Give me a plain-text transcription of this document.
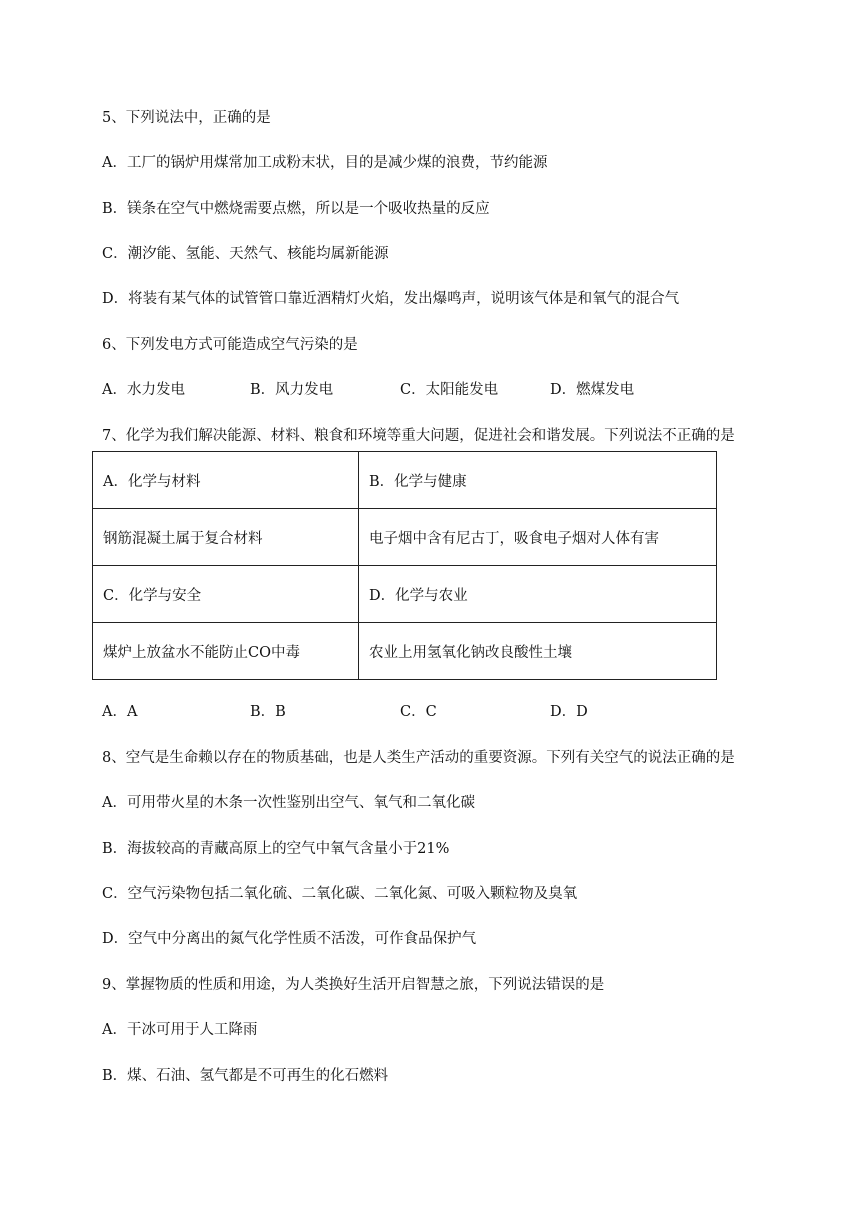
5、下列说法中，正确的是
A．工厂的锅炉用煤常加工成粉末状，目的是减少煤的浪费，节约能源
B．镁条在空气中燃烧需要点燃，所以是一个吸收热量的反应
C．潮汐能、氢能、天然气、核能均属新能源
D．将装有某气体的试管管口靠近酒精灯火焰，发出爆鸣声，说明该气体是和氧气的混合气
6、下列发电方式可能造成空气污染的是
A．水力发电	B．风力发电	C．太阳能发电	D．燃煤发电
7、化学为我们解决能源、材料、粮食和环境等重大问题，促进社会和谐发展。下列说法不正确的是
A．化学与材料	B．化学与健康
钢筋混凝土属于复合材料	电子烟中含有尼古丁，吸食电子烟对人体有害
C．化学与安全	D．化学与农业
煤炉上放盆水不能防止CO中毒	农业上用氢氧化钠改良酸性土壤
A．A	B．B	C．C	D．D
8、空气是生命赖以存在的物质基础，也是人类生产活动的重要资源。下列有关空气的说法正确的是
A．可用带火星的木条一次性鉴别出空气、氧气和二氧化碳
B．海拔较高的青藏高原上的空气中氧气含量小于21%
C．空气污染物包括二氧化硫、二氧化碳、二氧化氮、可吸入颗粒物及臭氧
D．空气中分离出的氮气化学性质不活泼，可作食品保护气
9、掌握物质的性质和用途，为人类换好生活开启智慧之旅，下列说法错误的是
A．干冰可用于人工降雨
B．煤、石油、氢气都是不可再生的化石燃料
